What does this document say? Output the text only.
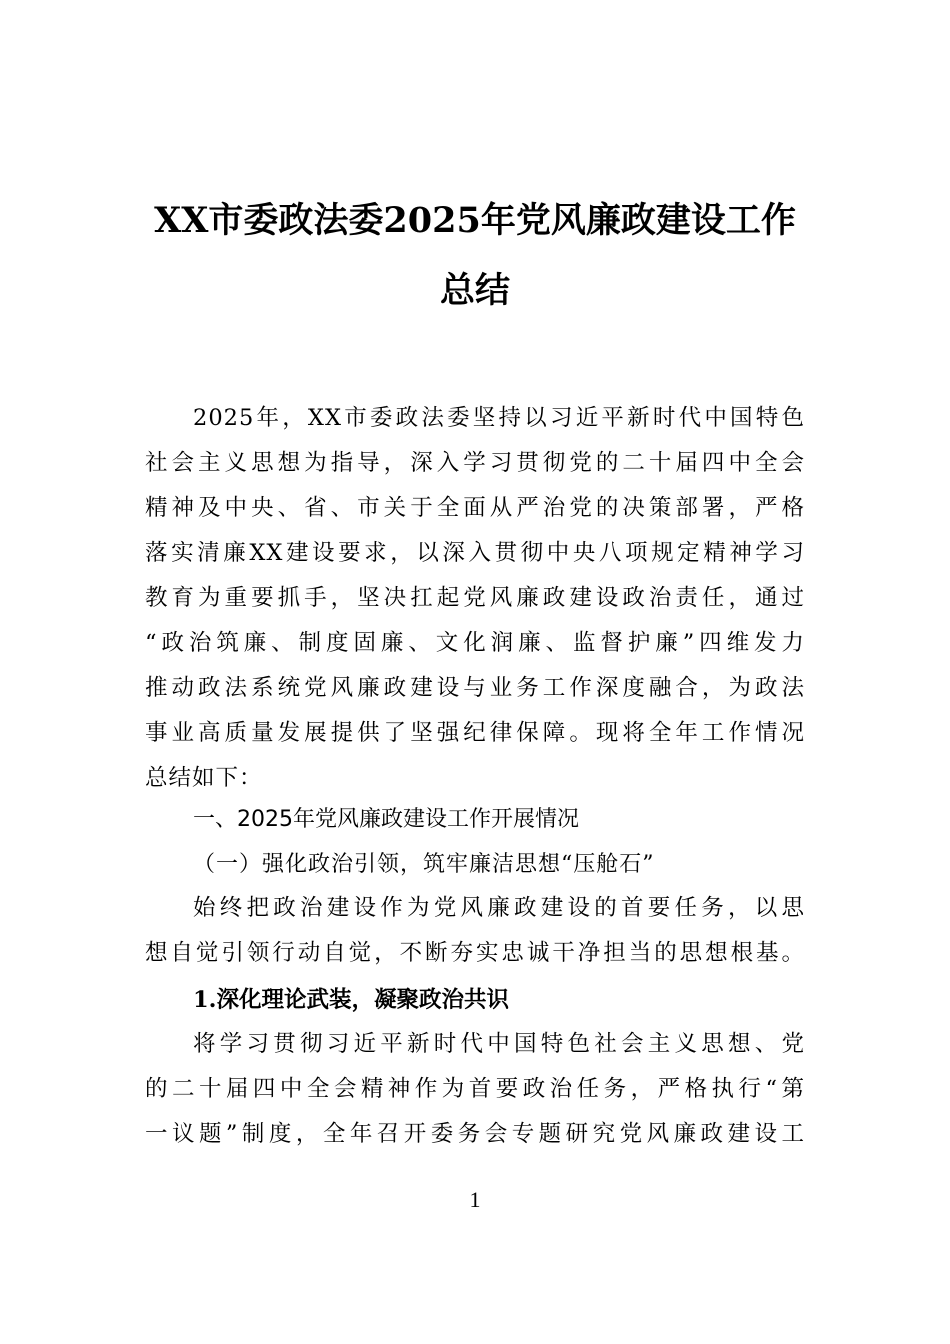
XX市委政法委2025年党风廉政建设工作
总结
2025年，XX市委政法委坚持以习近平新时代中国特色
社会主义思想为指导，深入学习贯彻党的二十届四中全会
精神及中央、省、市关于全面从严治党的决策部署，严格
落实清廉XX建设要求，以深入贯彻中央八项规定精神学习
教育为重要抓手，坚决扛起党风廉政建设政治责任，通过
“政治筑廉、制度固廉、文化润廉、监督护廉”四维发力
推动政法系统党风廉政建设与业务工作深度融合，为政法
事业高质量发展提供了坚强纪律保障。现将全年工作情况
总结如下：
一、2025年党风廉政建设工作开展情况
（一）强化政治引领，筑牢廉洁思想“压舱石”
始终把政治建设作为党风廉政建设的首要任务，以思
想自觉引领行动自觉，不断夯实忠诚干净担当的思想根基。
1.深化理论武装，凝聚政治共识
将学习贯彻习近平新时代中国特色社会主义思想、党
的二十届四中全会精神作为首要政治任务，严格执行“第
一议题”制度，全年召开委务会专题研究党风廉政建设工
1
